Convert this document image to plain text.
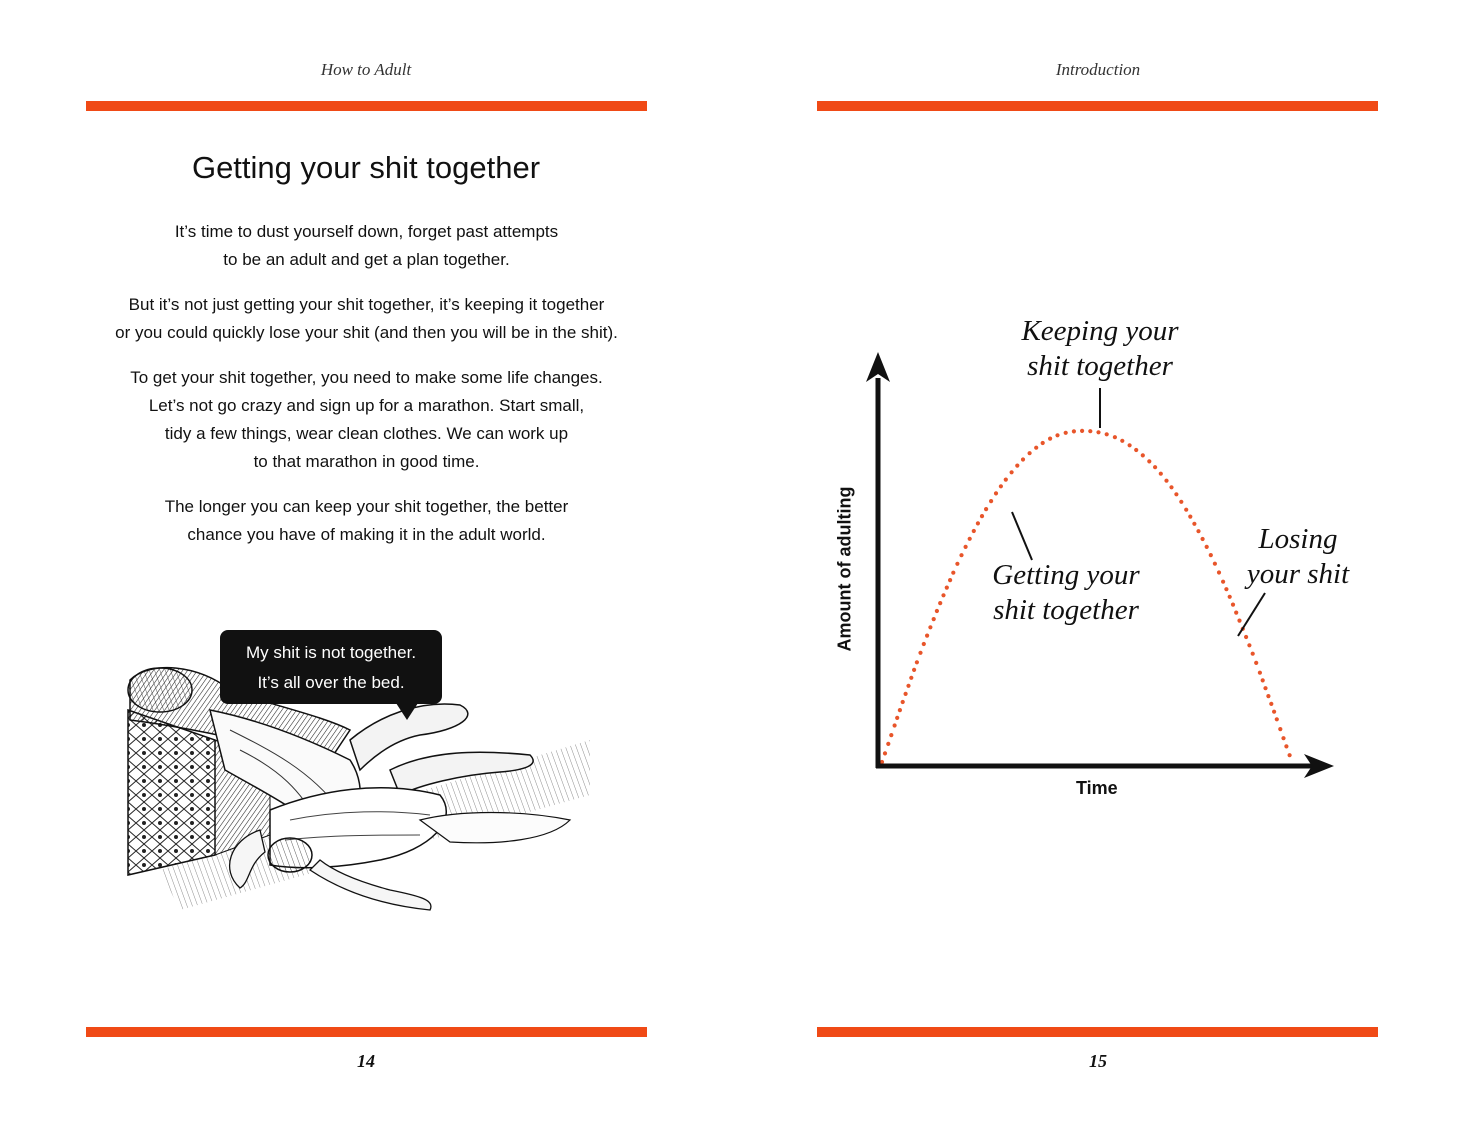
How to Adult
Getting your shit together

It’s time to dust yourself down, forget past attempts
to be an adult and get a plan together.

But it’s not just getting your shit together, it’s keeping it together
or you could quickly lose your shit (and then you will be in the shit).

To get your shit together, you need to make some life changes.
Let’s not go crazy and sign up for a marathon. Start small,
tidy a few things, wear clean clothes. We can work up
to that marathon in good time.

The longer you can keep your shit together, the better
chance you have of making it in the adult world.

My shit is not together.
It’s all over the bed.
14
Introduction
Keeping your
shit together
Getting your
shit together
Losing
your shit
Time
Amount of adulting
15
